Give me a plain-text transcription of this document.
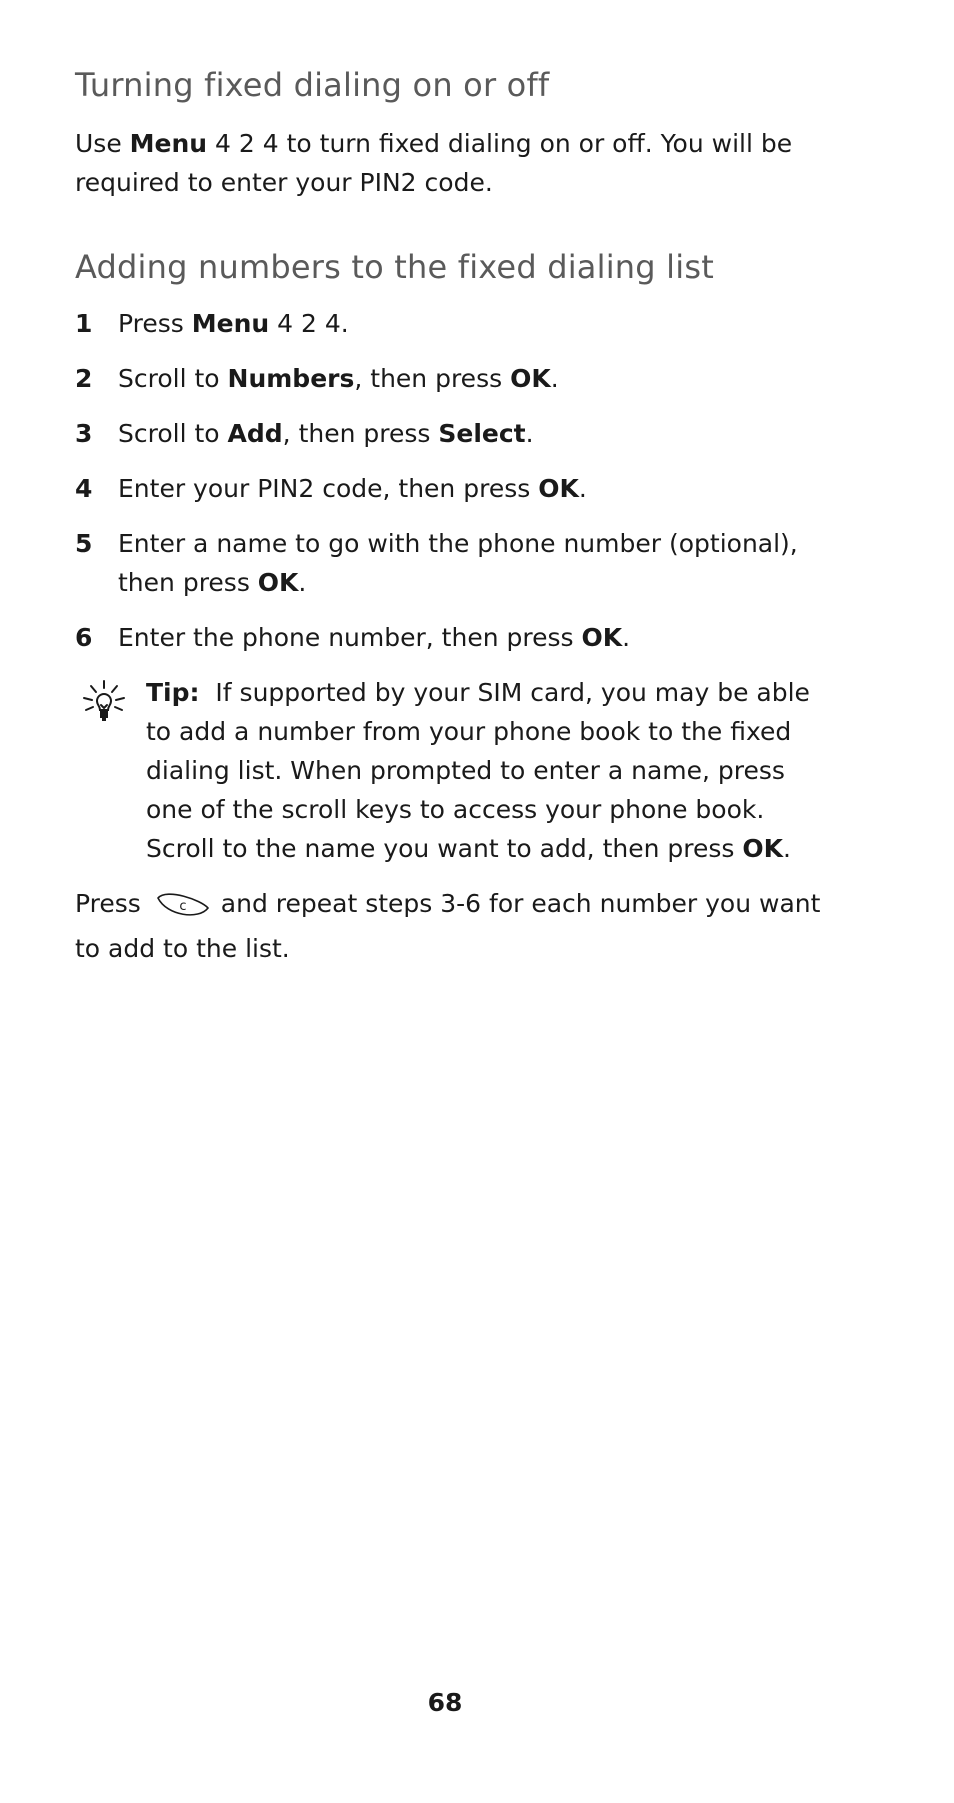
Turning fixed dialing on or off

Use Menu 4 2 4 to turn fixed dialing on or off. You will be required to enter your PIN2 code.

Adding numbers to the fixed dialing list
1	Press Menu 4 2 4.
2	Scroll to Numbers, then press OK.
3	Scroll to Add, then press Select.
4	Enter your PIN2 code, then press OK.
5	Enter a name to go with the phone number (optional), then press OK.
6	Enter the phone number, then press OK.
Tip: If supported by your SIM card, you may be able to add a number from your phone book to the fixed dialing list. When prompted to enter a name, press one of the scroll keys to access your phone book. Scroll to the name you want to add, then press OK.

Press	c and repeat steps 3-6 for each number you want to add to the list.

68
